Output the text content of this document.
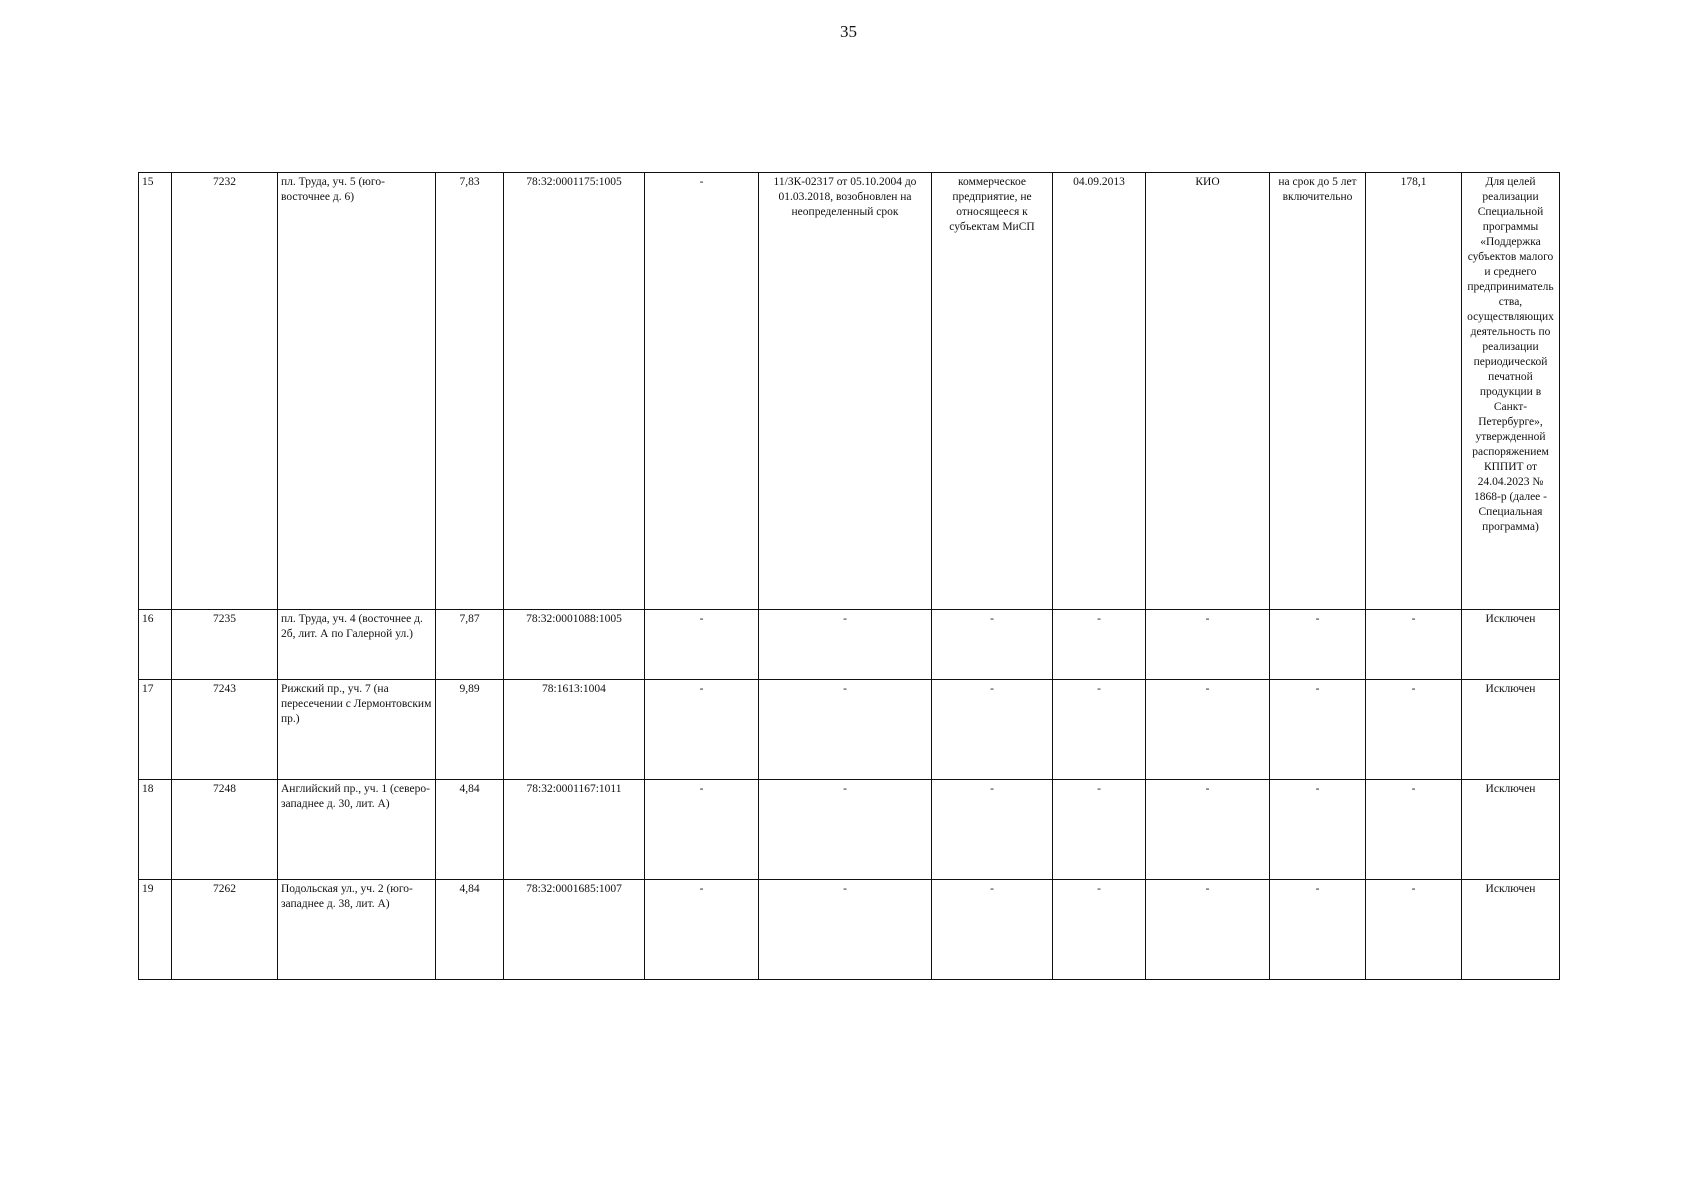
35
15	7232	пл. Труда, уч. 5 (юго-восточнее д. 6)	7,83	78:32:0001175:1005	-	11/ЗК-02317 от 05.10.2004 до 01.03.2018, возобновлен на неопределенный срок	коммерческое предприятие, не относящееся к субъектам МиСП	04.09.2013	КИО	на срок до 5 лет включительно	178,1	Для целей реализации Специальной программы «Поддержка субъектов малого и среднего предпринимательства, осуществляющих деятельность по реализации периодической печатной продукции в Санкт-Петербурге», утвержденной распоряжением КППИТ от 24.04.2023 № 1868-р (далее - Специальная программа)
16	7235	пл. Труда, уч. 4 (восточнее д. 2б, лит. А по Галерной ул.)	7,87	78:32:0001088:1005	-	-	-	-	-	-	-	Исключен
17	7243	Рижский пр., уч. 7 (на пересечении с Лермонтовским пр.)	9,89	78:1613:1004	-	-	-	-	-	-	-	Исключен
18	7248	Английский пр., уч. 1 (северо-западнее д. 30, лит. А)	4,84	78:32:0001167:1011	-	-	-	-	-	-	-	Исключен
19	7262	Подольская ул., уч. 2 (юго-западнее д. 38, лит. А)	4,84	78:32:0001685:1007	-	-	-	-	-	-	-	Исключен
